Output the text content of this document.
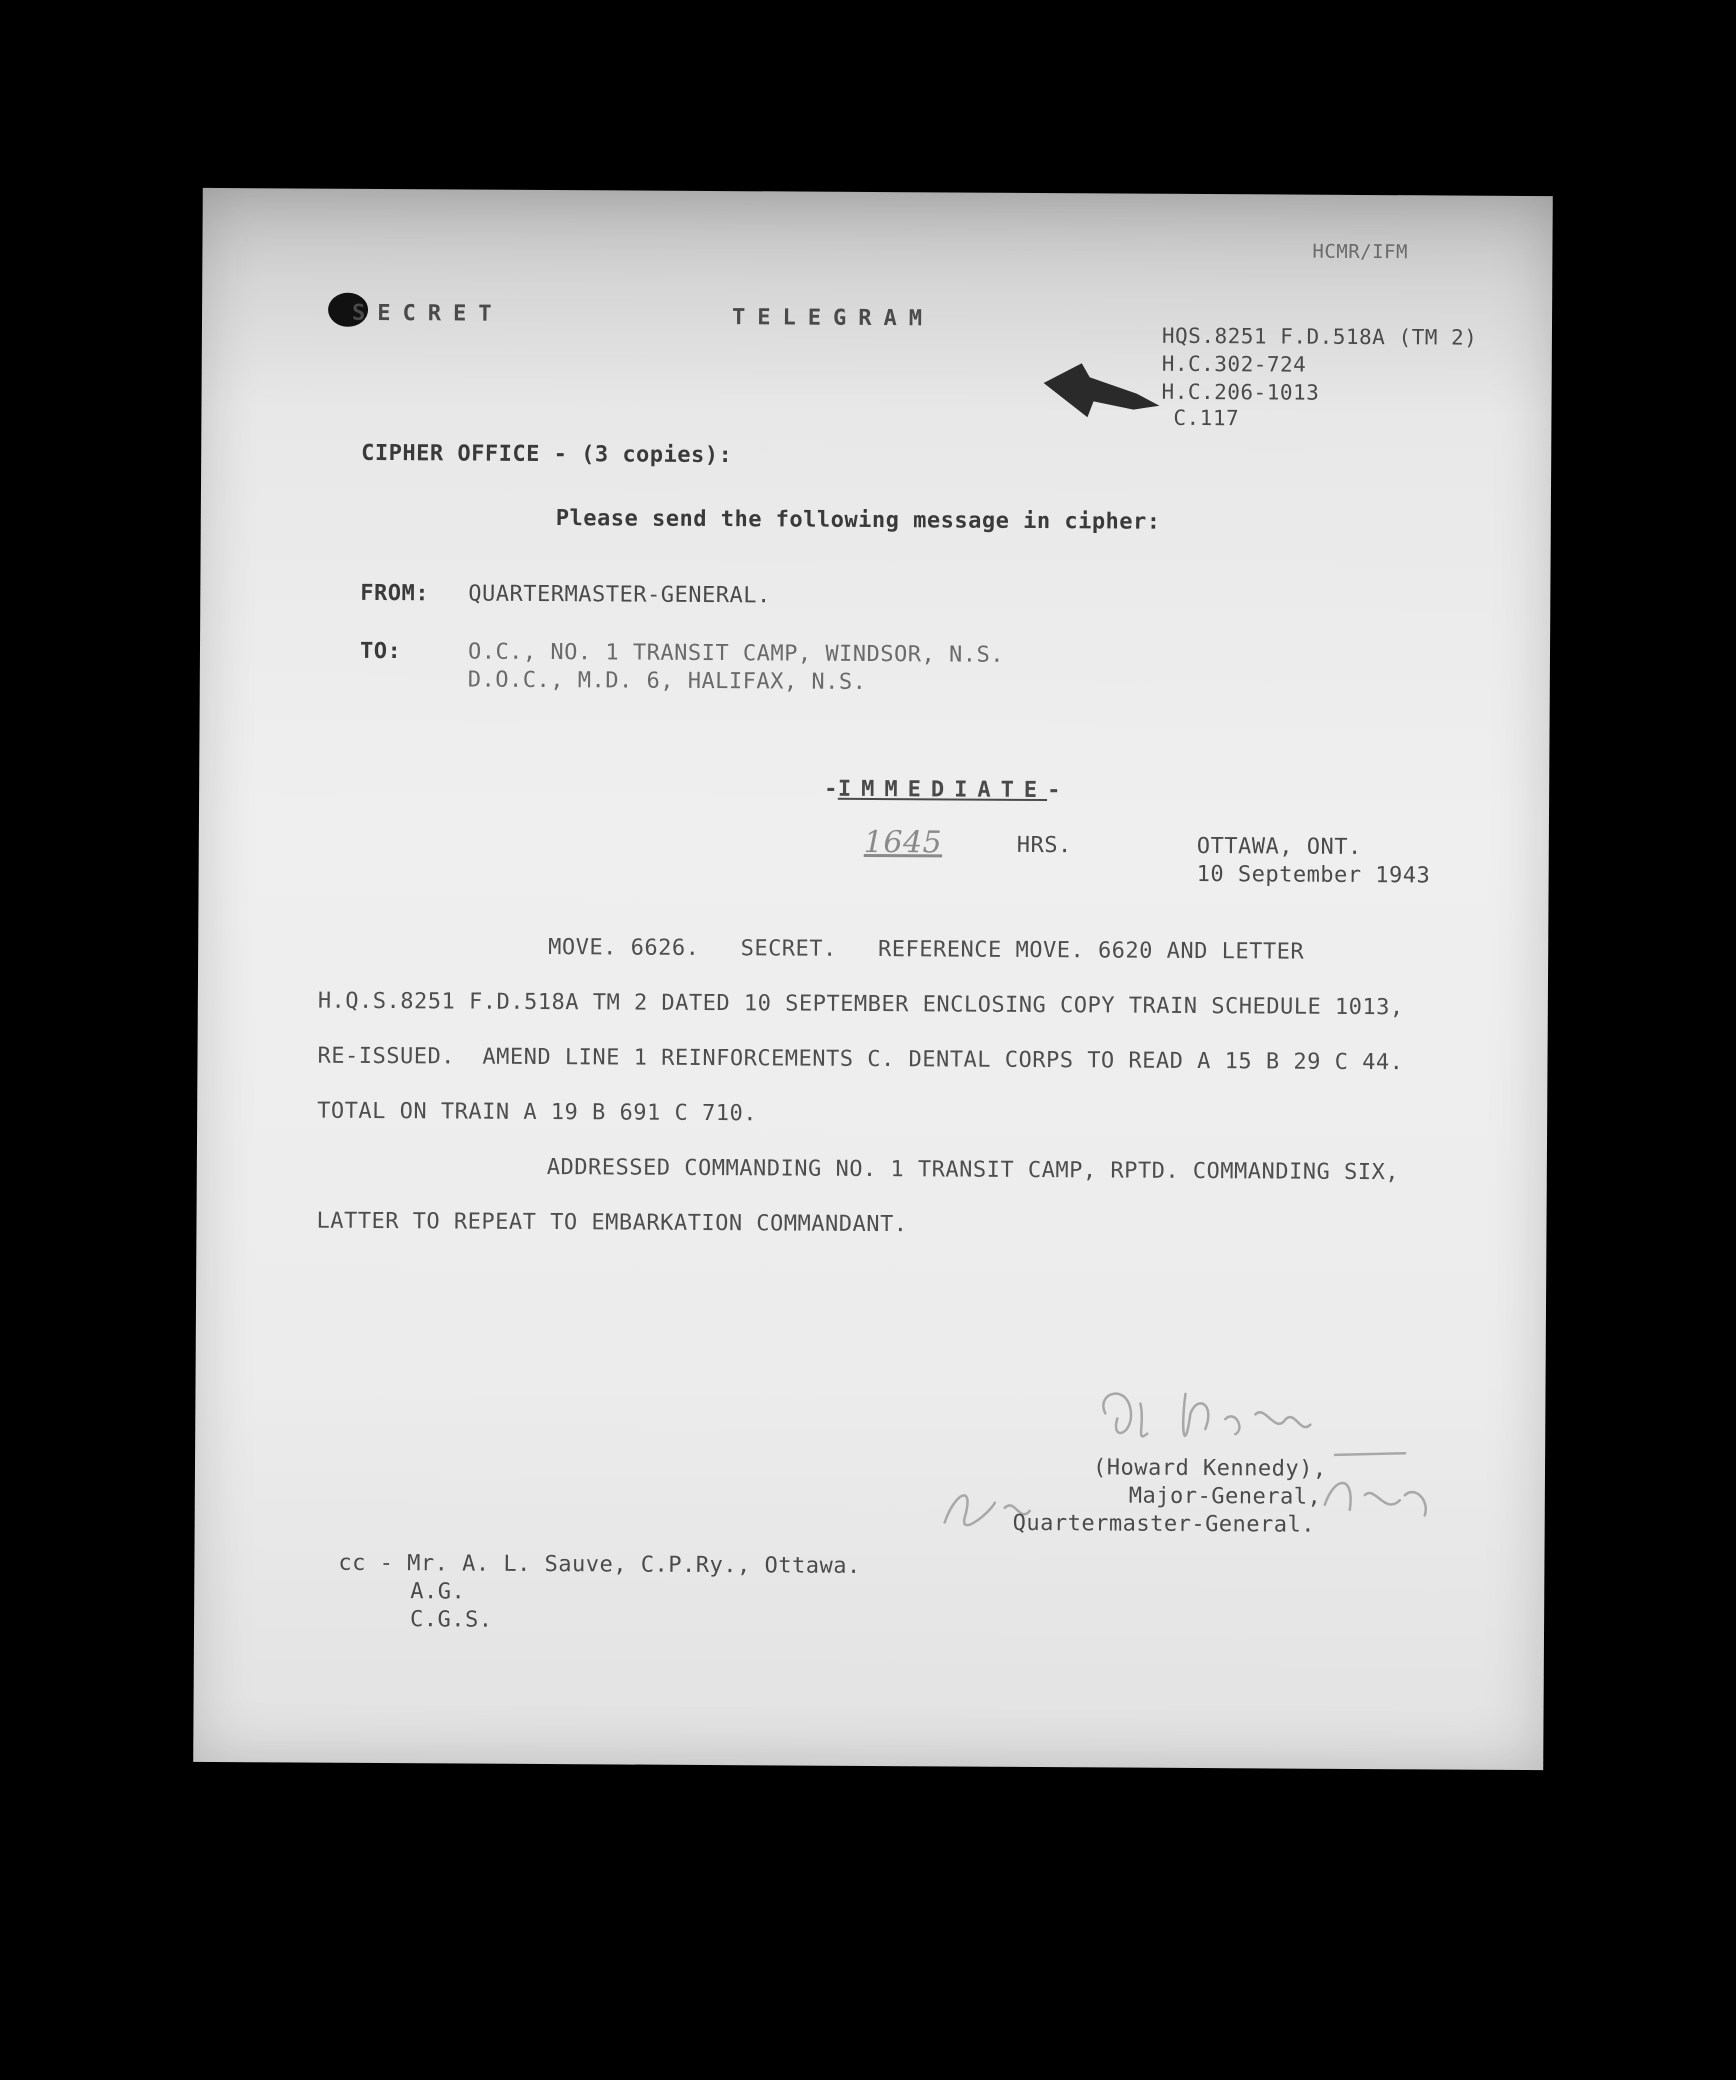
HCMR/IFM
SECRET	TELEGRAM
HQS.8251 F.D.518A (TM 2)
H.C.302-724
H.C.206-1013
C.117
CIPHER OFFICE - (3 copies):
Please send the following message in cipher:
FROM: QUARTERMASTER-GENERAL.
TO:	O.C., NO. 1 TRANSIT CAMP, WINDSOR, N.S.
D.O.C., M.D. 6, HALIFAX, N.S.

-IMMEDIATE-

1645	HRS.	OTTAWA, ONT.
10 September 1943
MOVE. 6626.   SECRET.   REFERENCE MOVE. 6620 AND LETTER
H.Q.S.8251 F.D.518A TM 2 DATED 10 SEPTEMBER ENCLOSING COPY TRAIN SCHEDULE 1013,
RE-ISSUED.  AMEND LINE 1 REINFORCEMENTS C. DENTAL CORPS TO READ A 15 B 29 C 44.
TOTAL ON TRAIN A 19 B 691 C 710.
ADDRESSED COMMANDING NO. 1 TRANSIT CAMP, RPTD. COMMANDING SIX,
LATTER TO REPEAT TO EMBARKATION COMMANDANT.
(Howard Kennedy),
Major-General,
Quartermaster-General.
cc - Mr. A. L. Sauve, C.P.Ry., Ottawa.
A.G.
C.G.S.
